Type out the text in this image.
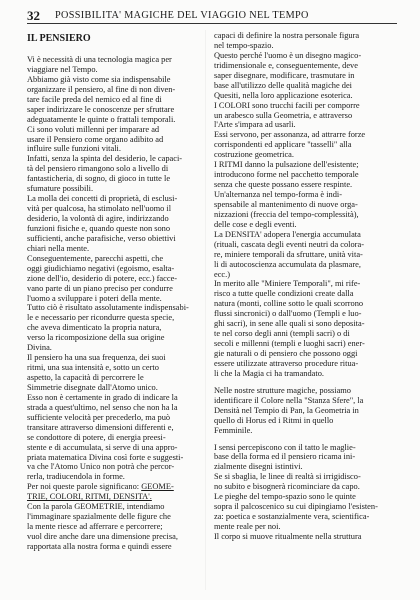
32 POSSIBILITA' MAGICHE DEL VIAGGIO NEL TEMPO
IL PENSIERO
Vi è necessità di una tecnologia magica per
viaggiare nel Tempo.
Abbiamo già visto come sia indispensabile
organizzare il pensiero, al fine di non diven-
tare facile preda del nemico ed al fine di
saper indirizzare le conoscenze per sfruttare
adeguatamente le quinte o frattali temporali.
Ci sono voluti millenni per imparare ad
usare il Pensiero come organo adibito ad
influire sulle funzioni vitali.
Infatti, senza la spinta del desiderio, le capaci-
tà del pensiero rimangono solo a livello di
fantasticheria, di sogno, di gioco in tutte le
sfumature possibili.
La molla dei concetti di proprietà, di esclusi-
vità per qualcosa, ha stimolato nell'uomo il
desiderio, la volontà di agire, indirizzando
funzioni fisiche e, quando queste non sono
sufficienti, anche parafisiche, verso obiettivi
chiari nella mente.
Conseguentemente, parecchi aspetti, che
oggi giudichiamo negativi (egoismo, esalta-
zione dell'io, desiderio di potere, ecc.) facce-
vano parte di un piano preciso per condurre
l'uomo a sviluppare i poteri della mente.
Tutto ciò è risultato assolutamente indispensabi-
le e necessario per ricondurre questa specie,
che aveva dimenticato la propria natura,
verso la ricomposizione della sua origine
Divina.
Il pensiero ha una sua frequenza, dei suoi
ritmi, una sua intensità e, sotto un certo
aspetto, la capacità di percorrere le
Simmetrie disegnate dall'Atomo unico.
Esso non è certamente in grado di indicare la
strada a quest'ultimo, nel senso che non ha la
sufficiente velocità per precederlo, ma può
transitare attraverso dimensioni differenti e,
se condottore di potere, di energia preesi-
stente e di accumulata, si serve di una appro-
priata matematica Divina così forte e suggesti-
va che l'Atomo Unico non potrà che percor-
rerla, tradiucendola in forme.
Per noi queste parole significano: GEOME-
TRIE, COLORI, RITMI, DENSITA'.
Con la parola GEOMETRIE, intendiamo
l'immaginare spazialmente delle figure che
la mente riesce ad afferrare e percorrere;
vuol dire anche dare una dimensione precisa,
rapportata alla nostra forma e quindi essere
capaci di definire la nostra personale figura
nel tempo-spazio.
Questo perché l'uomo è un disegno magico-
tridimensionale e, conseguentemente, deve
saper disegnare, modificare, trasmutare in
base all'utilizzo delle qualità magiche dei
Quesiti, nella loro applicazione esoterica.
I COLORI sono trucchi facili per comporre
un arabesco sulla Geometria, e attraverso
l'Arte s'impara ad usarli.
Essi servono, per assonanza, ad attrarre forze
corrispondenti ed applicare "tasselli" alla
costruzione geometrica.
I RITMI danno la pulsazione dell'esistente;
introducono forme nel pacchetto temporale
senza che queste possano essere respinte.
Un'alternanza nel tempo-forma è indi-
spensabile al mantenimento di nuove orga-
nizzazioni (freccia del tempo-complessità),
delle cose e degli eventi.
La DENSITA' adopera l'energia accumulata
(rituali, cascata degli eventi neutri da colora-
re, miniere temporali da sfruttare, unità vita-
li di autocoscienza accumulata da plasmare,
ecc.)
In merito alle "Miniere Temporali", mi rife-
risco a tutte quelle condizioni create dalla
natura (monti, colline sotto le quali scorrono
flussi sincronici) o dall'uomo (Templi e luo-
ghi sacri), in sene alle quali si sono deposita-
te nel corso degli anni (templi sacri) o di
secoli e millenni (templi e luoghi sacri) ener-
gie naturali o di pensiero che possono oggi
essere utilizzate attraverso procedure ritua-
li che la Magia ci ha tramandato.
Nelle nostre strutture magiche, possiamo
identificare il Colore nella "Stanza Sfere", la
Densità nel Tempio di Pan, la Geometria in
quello di Horus ed i Ritmi in quello
Femminile.
I sensi percepiscono con il tatto le maglie-
base della forma ed il pensiero ricama ini-
zialmente disegni istintivi.
Se si sbaglia, le linee di realtà si irrigidisco-
no subito e bisognerà ricominciare da capo.
Le pieghe del tempo-spazio sono le quinte
sopra il palcoscenico su cui dipingiamo l'esisten-
za: poetica e sostanzialmente vera, scientifica-
mente reale per noi.
Il corpo si muove ritualmente nella struttura
